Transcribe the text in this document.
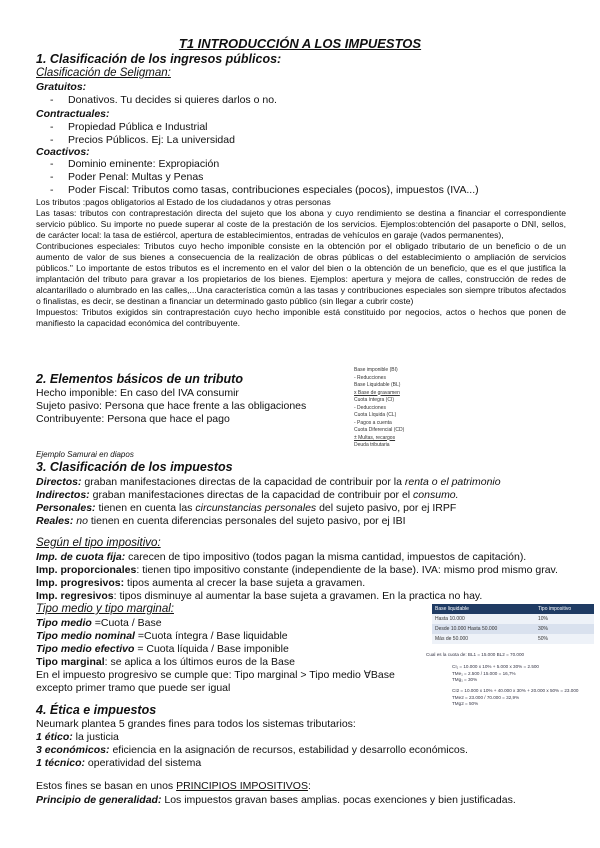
T1 INTRODUCCIÓN A LOS IMPUESTOS
1. Clasificación de los ingresos públicos:
Clasificación de Seligman:
Gratuitos:
- Donativos. Tu decides si quieres darlos o no.
Contractuales:
- Propiedad Pública e Industrial
- Precios Públicos. Ej: La universidad
Coactivos:
- Dominio eminente: Expropiación
- Poder Penal: Multas y Penas
- Poder Fiscal: Tributos como tasas, contribuciones especiales (pocos), impuestos (IVA...)
Los tributos :pagos obligatorios al Estado de los ciudadanos y otras personas
Las tasas: tributos con contraprestación directa del sujeto que los abona y cuyo rendimiento se destina a financiar el correspondiente servicio público. Su importe no puede superar al coste de la prestación de los servicios. Ejemplos:obtención del pasaporte o DNI, sellos, de carácter local: la tasa de estiércol, apertura de establecimientos, entradas de vehículos en garaje (vados permanentes),
Contribuciones especiales: Tributos cuyo hecho imponible consiste en la obtención por el obligado tributario de un beneficio o de un aumento de valor de sus bienes a consecuencia de la realización de obras públicas o del establecimiento o ampliación de servicios públicos." Lo importante de estos tributos es el incremento en el valor del bien o la obtención de un beneficio, que es el que justifica la implantación del tributo para gravar a los propietarios de los bienes. Ejemplos: apertura y mejora de calles, construcción de redes de alcantarillado o alumbrado en las calles,...Una característica común a las tasas y contribuciones especiales son siempre tributos afectados o finalistas, es decir, se destinan a financiar un determinado gasto público (sin llegar a cubrir coste)
Impuestos: Tributos exigidos sin contraprestación cuyo hecho imponible está constituido por negocios, actos o hechos que ponen de manifiesto la capacidad económica del contribuyente.
2. Elementos básicos de un tributo
Hecho imponible: En caso del IVA consumir
Sujeto pasivo: Persona que hace frente a las obligaciones
Contribuyente: Persona que hace el pago
Base imponible (BI)
- Reducciones
Base Liquidable (BL)
x Base de gravamen
Cuota íntegra (CI)
- Deducciones
Cuota Líquida (CL)
- Pagos a cuenta
Cuota Diferencial (CD)
± Multas, recargos
Deuda tributaria
Ejemplo Samurai en diapos
3. Clasificación de los impuestos
Directos: graban manifestaciones directas de la capacidad de contribuir por la renta o el patrimonio
Indirectos: graban manifestaciones directas de la capacidad de contribuir por el consumo.
Personales: tienen en cuenta las circunstancias personales del sujeto pasivo, por ej IRPF
Reales: no tienen en cuenta diferencias personales del sujeto pasivo, por ej IBI
Según el tipo impositivo:
Imp. de cuota fija: carecen de tipo impositivo (todos pagan la misma cantidad, impuestos de capitación).
Imp. proporcionales: tienen tipo impositivo constante (independiente de la base). IVA: mismo prod mismo grav.
Imp. progresivos: tipos aumenta al crecer la base sujeta a gravamen.
Imp. regresivos: tipos disminuye al aumentar la base sujeta a gravamen. En la practica no hay.
Tipo medio y tipo marginal:
Tipo medio =Cuota / Base
Tipo medio nominal =Cuota íntegra / Base liquidable
Tipo medio efectivo = Cuota líquida / Base imponible
Tipo marginal: se aplica a los últimos euros de la Base
En el impuesto progresivo se cumple que: Tipo marginal > Tipo medio ∀Base
excepto primer tramo que puede ser igual
Base liquidable	Tipo impositivo
Hasta 10.000	10%
Desde 10.000 Hasta 50.000	30%
Más de 50.000	50%
Cual es la cuota de: BL1 = 15.000 BL2 = 70.000
CI₁ = 10.000 x 10% + 5.000 x 30% = 2.500
TMe₁ = 2.500 / 15.000 = 16,7%
TMg₁ = 30%
CI2 = 10.000 x 10% + 40.000 x 30% + 20.000 x 50% = 23.000
TMe2 = 23.000 / 70.000 = 32,9%
TMg2 = 50%
4. Ética e impuestos
Neumark plantea 5 grandes fines para todos los sistemas tributarios:
1 ético: la justicia
3 económicos: eficiencia en la asignación de recursos, estabilidad y desarrollo económicos.
1 técnico: operatividad del sistema
Estos fines se basan en unos PRINCIPIOS IMPOSITIVOS:
Principio de generalidad: Los impuestos gravan bases amplias. pocas exenciones y bien justificadas.
